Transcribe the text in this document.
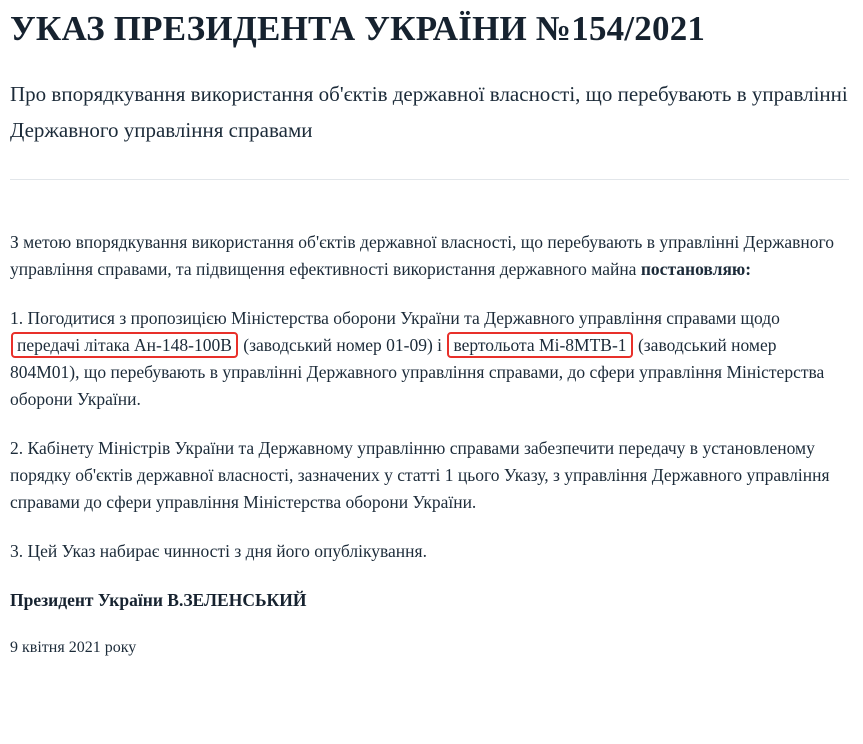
УКАЗ ПРЕЗИДЕНТА УКРАЇНИ №154/2021
Про впорядкування використання об'єктів державної власності, що перебувають в управлінні Державного управління справами

З метою впорядкування використання об'єктів державної власності, що перебувають в управлінні Державного управління справами, та підвищення ефективності використання державного майна постановляю:

1. Погодитися з пропозицією Міністерства оборони України та Державного управління справами щодо передачі літака Ан-148-100В (заводський номер 01-09) і вертольота Мі-8МТВ-1 (заводський номер 804М01), що перебувають в управлінні Державного управління справами, до сфери управління Міністерства оборони України.

2. Кабінету Міністрів України та Державному управлінню справами забезпечити передачу в установленому порядку об'єктів державної власності, зазначених у статті 1 цього Указу, з управління Державного управління справами до сфери управління Міністерства оборони України.

3. Цей Указ набирає чинності з дня його опублікування.

Президент України В.ЗЕЛЕНСЬКИЙ

9 квітня 2021 року
